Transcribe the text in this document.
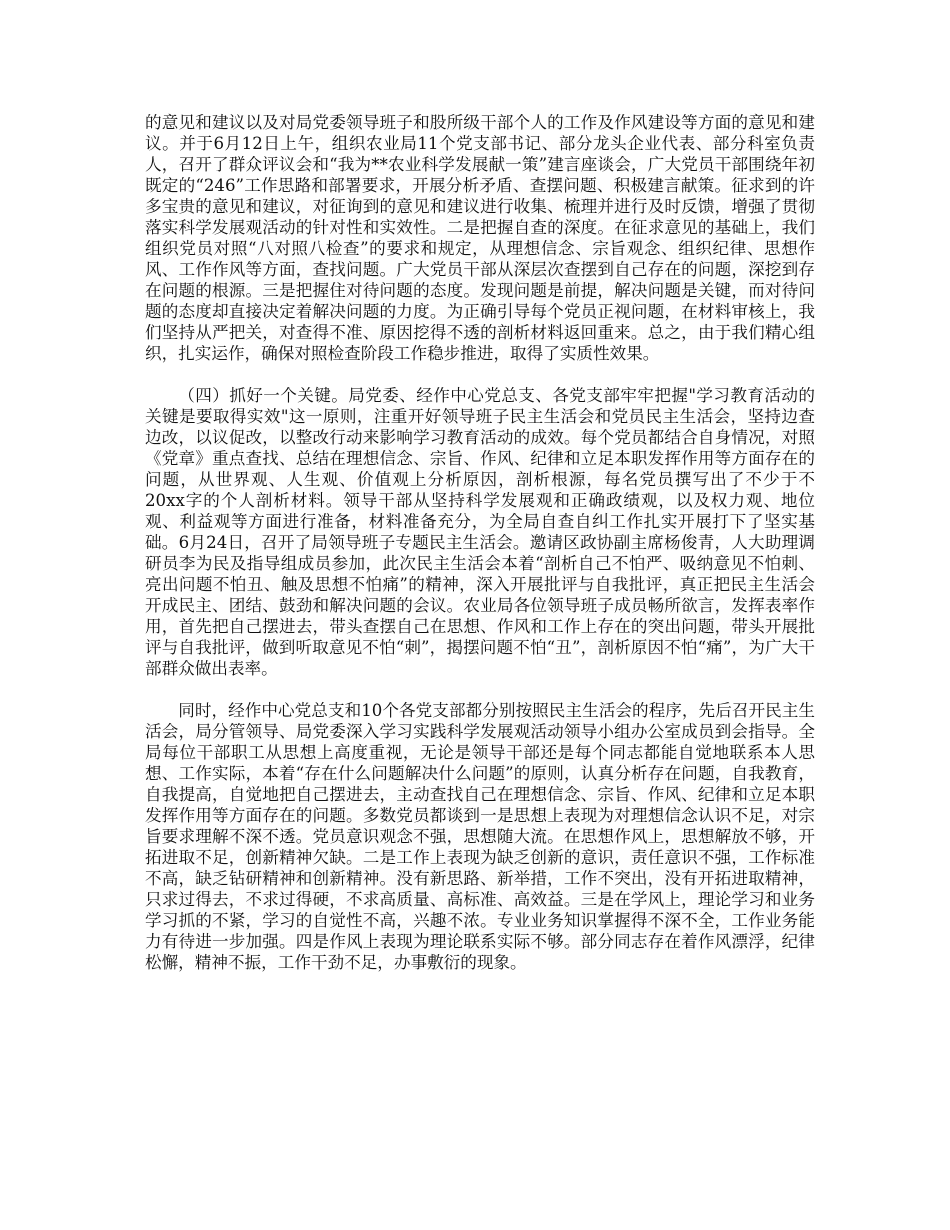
的意见和建议以及对局党委领导班子和股所级干部个人的工作及作风建设等方面的意见和建议。并于6月12日上午，组织农业局11个党支部书记、部分龙头企业代表、部分科室负责人，召开了群众评议会和“我为**农业科学发展献一策”建言座谈会，广大党员干部围绕年初既定的“246”工作思路和部署要求，开展分析矛盾、查摆问题、积极建言献策。征求到的许多宝贵的意见和建议，对征询到的意见和建议进行收集、梳理并进行及时反馈，增强了贯彻落实科学发展观活动的针对性和实效性。二是把握自查的深度。在征求意见的基础上，我们组织党员对照“八对照八检查”的要求和规定，从理想信念、宗旨观念、组织纪律、思想作风、工作作风等方面，查找问题。广大党员干部从深层次查摆到自己存在的问题，深挖到存在问题的根源。三是把握住对待问题的态度。发现问题是前提，解决问题是关键，而对待问题的态度却直接决定着解决问题的力度。为正确引导每个党员正视问题，在材料审核上，我们坚持从严把关，对查得不准、原因挖得不透的剖析材料返回重来。总之，由于我们精心组织，扎实运作，确保对照检查阶段工作稳步推进，取得了实质性效果。

（四）抓好一个关键。局党委、经作中心党总支、各党支部牢牢把握"学习教育活动的关键是要取得实效"这一原则，注重开好领导班子民主生活会和党员民主生活会，坚持边查边改，以议促改，以整改行动来影响学习教育活动的成效。每个党员都结合自身情况，对照《党章》重点查找、总结在理想信念、宗旨、作风、纪律和立足本职发挥作用等方面存在的问题，从世界观、人生观、价值观上分析原因，剖析根源，每名党员撰写出了不少于不20xx字的个人剖析材料。领导干部从坚持科学发展观和正确政绩观，以及权力观、地位观、利益观等方面进行准备，材料准备充分，为全局自查自纠工作扎实开展打下了坚实基础。6月24日，召开了局领导班子专题民主生活会。邀请区政协副主席杨俊青，人大助理调研员李为民及指导组成员参加，此次民主生活会本着“剖析自己不怕严、吸纳意见不怕刺、亮出问题不怕丑、触及思想不怕痛”的精神，深入开展批评与自我批评，真正把民主生活会开成民主、团结、鼓劲和解决问题的会议。农业局各位领导班子成员畅所欲言，发挥表率作用，首先把自己摆进去，带头查摆自己在思想、作风和工作上存在的突出问题，带头开展批评与自我批评，做到听取意见不怕“刺”，揭摆问题不怕“丑”，剖析原因不怕“痛”，为广大干部群众做出表率。

同时，经作中心党总支和10个各党支部都分别按照民主生活会的程序，先后召开民主生活会，局分管领导、局党委深入学习实践科学发展观活动领导小组办公室成员到会指导。全局每位干部职工从思想上高度重视，无论是领导干部还是每个同志都能自觉地联系本人思想、工作实际，本着“存在什么问题解决什么问题”的原则，认真分析存在问题，自我教育，自我提高，自觉地把自己摆进去，主动查找自己在理想信念、宗旨、作风、纪律和立足本职发挥作用等方面存在的问题。多数党员都谈到一是思想上表现为对理想信念认识不足，对宗旨要求理解不深不透。党员意识观念不强，思想随大流。在思想作风上，思想解放不够，开拓进取不足，创新精神欠缺。二是工作上表现为缺乏创新的意识，责任意识不强，工作标准不高，缺乏钻研精神和创新精神。没有新思路、新举措，工作不突出，没有开拓进取精神，只求过得去，不求过得硬，不求高质量、高标准、高效益。三是在学风上，理论学习和业务学习抓的不紧，学习的自觉性不高，兴趣不浓。专业业务知识掌握得不深不全，工作业务能力有待进一步加强。四是作风上表现为理论联系实际不够。部分同志存在着作风漂浮，纪律松懈，精神不振，工作干劲不足，办事敷衍的现象。
